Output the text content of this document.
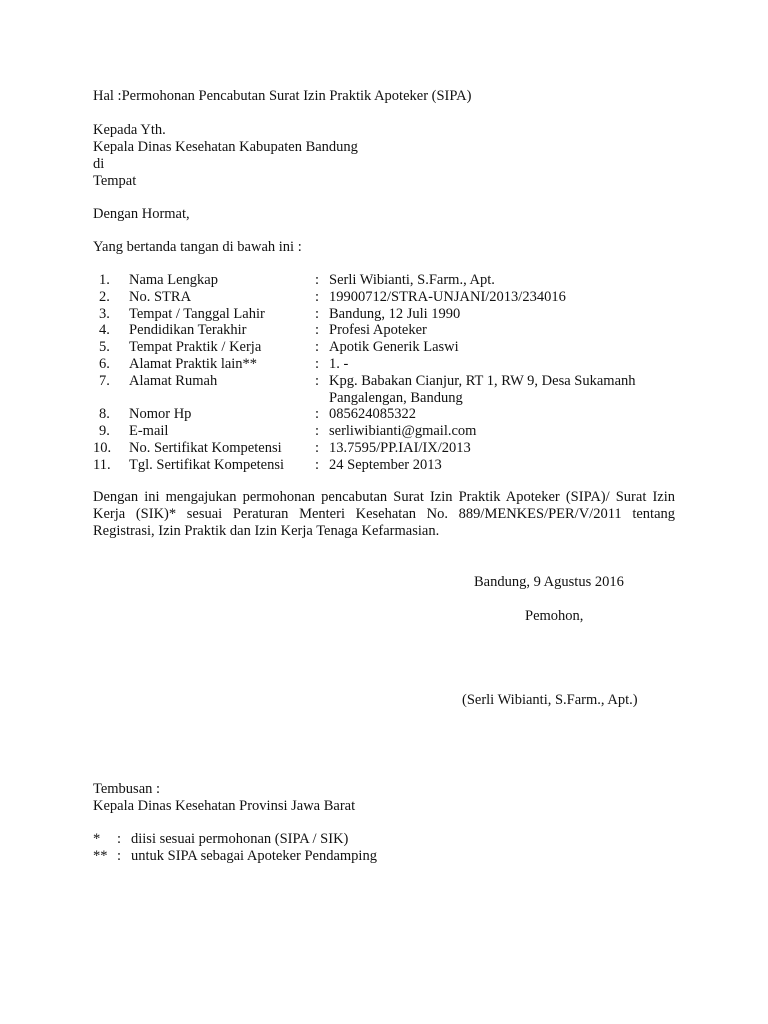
Hal :Permohonan Pencabutan Surat Izin Praktik Apoteker (SIPA)
Kepada Yth.
Kepala Dinas Kesehatan Kabupaten Bandung
di
Tempat
Dengan Hormat,
Yang bertanda tangan di bawah ini :
1.	Nama Lengkap	: Serli Wibianti, S.Farm., Apt.
2.	No. STRA	: 19900712/STRA-UNJANI/2013/234016
3.	Tempat / Tanggal Lahir	: Bandung, 12 Juli 1990
4.	Pendidikan Terakhir	: Profesi Apoteker
5.	Tempat Praktik / Kerja	: Apotik Generik Laswi
6.	Alamat Praktik lain**	: 1. -
7.	Alamat Rumah	: Kpg. Babakan Cianjur, RT 1, RW 9, Desa Sukamanh Pangalengan, Bandung
8.	Nomor Hp	: 085624085322
9.	E-mail	: serliwibianti@gmail.com
10.	No. Sertifikat Kompetensi	: 13.7595/PP.IAI/IX/2013
11.	Tgl. Sertifikat Kompetensi	: 24 September 2013
Dengan ini mengajukan permohonan pencabutan Surat Izin Praktik Apoteker (SIPA)/ Surat Izin Kerja (SIK)* sesuai Peraturan Menteri Kesehatan No. 889/MENKES/PER/V/2011 tentang Registrasi, Izin Praktik dan Izin Kerja Tenaga Kefarmasian.
Bandung, 9 Agustus 2016
Pemohon,
(Serli Wibianti, S.Farm., Apt.)
Tembusan :
Kepala Dinas Kesehatan Provinsi Jawa Barat
*	: diisi sesuai permohonan (SIPA / SIK)
** : untuk SIPA sebagai Apoteker Pendamping
